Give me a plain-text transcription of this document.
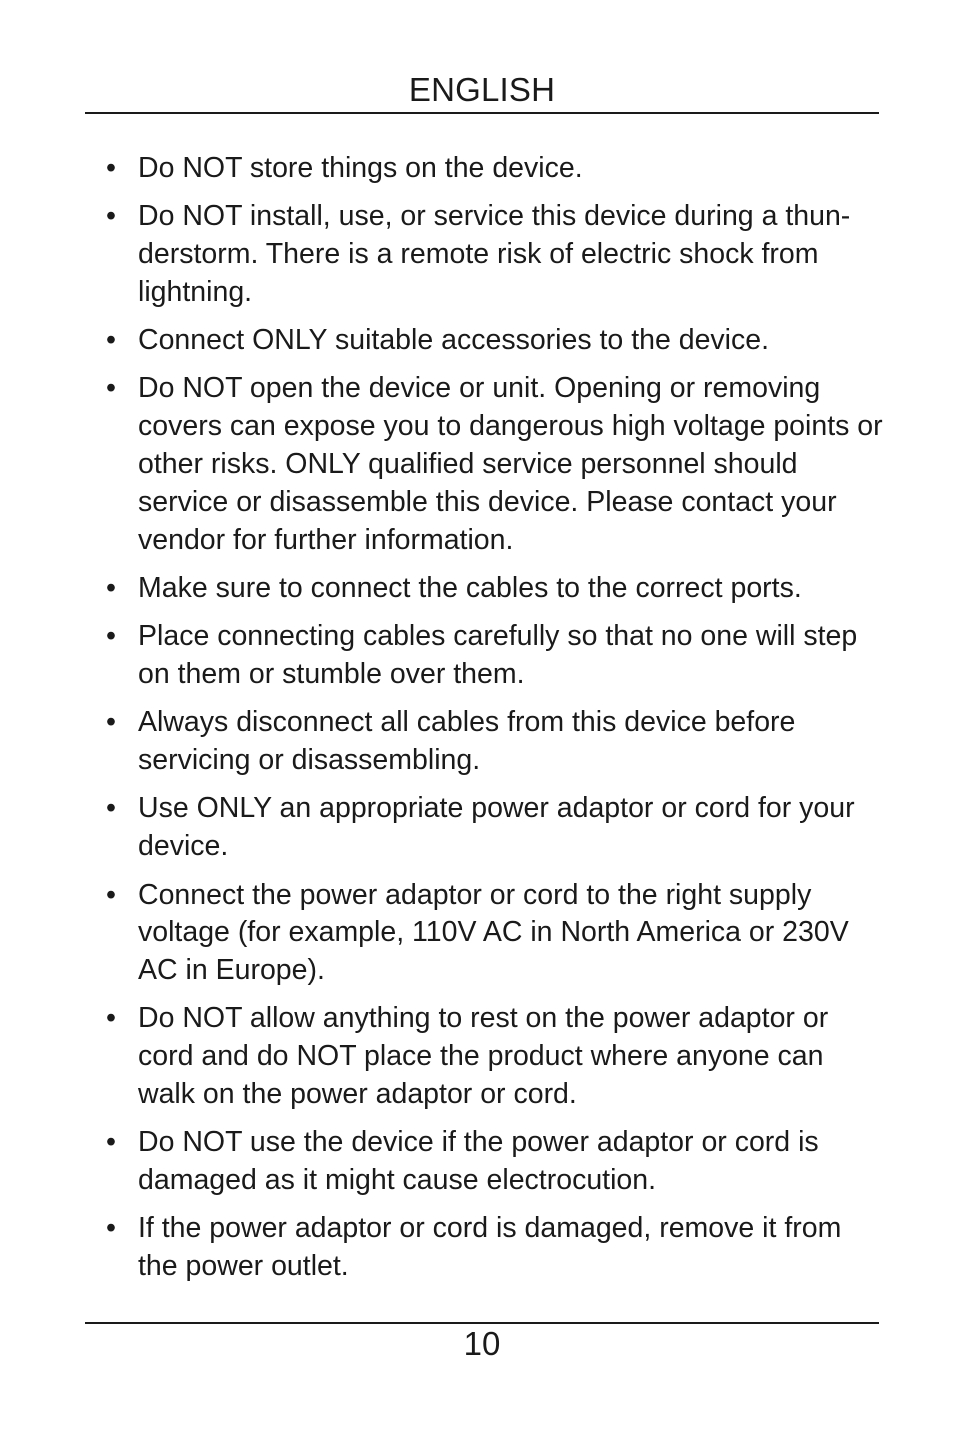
ENGLISH
• Do NOT store things on the device.
• Do NOT install, use, or service this device during a thun-derstorm. There is a remote risk of electric shock from lightning.
• Connect ONLY suitable accessories to the device.
• Do NOT open the device or unit. Opening or removing covers can expose you to dangerous high voltage points or other risks. ONLY qualified service personnel should service or disassemble this device. Please contact your vendor for further information.
• Make sure to connect the cables to the correct ports.
• Place connecting cables carefully so that no one will step on them or stumble over them.
• Always disconnect all cables from this device before servicing or disassembling.
• Use ONLY an appropriate power adaptor or cord for your device.
• Connect the power adaptor or cord to the right supply voltage (for example, 110V AC in North America or 230V AC in Europe).
• Do NOT allow anything to rest on the power adaptor or cord and do NOT place the product where anyone can walk on the power adaptor or cord.
• Do NOT use the device if the power adaptor or cord is damaged as it might cause electrocution.
• If the power adaptor or cord is damaged, remove it from the power outlet.
10
